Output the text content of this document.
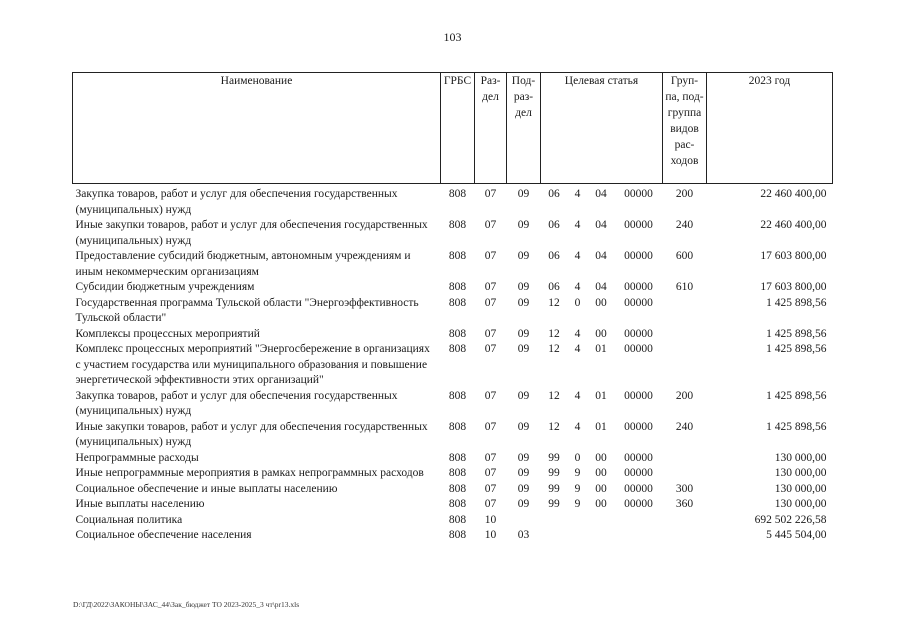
103
Наименование	ГРБС	Раз-дел	Под-раз-дел	Целевая статья				Груп-па, под-группа видов рас-ходов	2023 год
Закупка товаров, работ и услуг для обеспечения государственных (муниципальных) нужд	808	07	09	06	4	04	00000	200	22 460 400,00
Иные закупки товаров, работ и услуг для обеспечения государственных (муниципальных) нужд	808	07	09	06	4	04	00000	240	22 460 400,00
Предоставление субсидий бюджетным, автономным учреждениям и иным некоммерческим организациям	808	07	09	06	4	04	00000	600	17 603 800,00
Субсидии бюджетным учреждениям	808	07	09	06	4	04	00000	610	17 603 800,00
Государственная программа Тульской области "Энергоэффективность Тульской области"	808	07	09	12	0	00	00000		1 425 898,56
Комплексы процессных мероприятий	808	07	09	12	4	00	00000		1 425 898,56
Комплекс процессных мероприятий "Энергосбережение в организациях с участием государства или муниципального образования и повышение энергетической эффективности этих организаций"	808	07	09	12	4	01	00000		1 425 898,56
Закупка товаров, работ и услуг для обеспечения государственных (муниципальных) нужд	808	07	09	12	4	01	00000	200	1 425 898,56
Иные закупки товаров, работ и услуг для обеспечения государственных (муниципальных) нужд	808	07	09	12	4	01	00000	240	1 425 898,56
Непрограммные расходы	808	07	09	99	0	00	00000		130 000,00
Иные непрограммные мероприятия в рамках непрограммных расходов	808	07	09	99	9	00	00000		130 000,00
Социальное обеспечение и иные выплаты населению	808	07	09	99	9	00	00000	300	130 000,00
Иные выплаты населению	808	07	09	99	9	00	00000	360	130 000,00
Социальная политика	808	10							692 502 226,58
Социальное обеспечение населения	808	10	03						5 445 504,00
D:\ГД\2022\ЗАКОНЫ\ЗАС_44\Зак_бюджет ТО 2023-2025_3 чт\pr13.xls
